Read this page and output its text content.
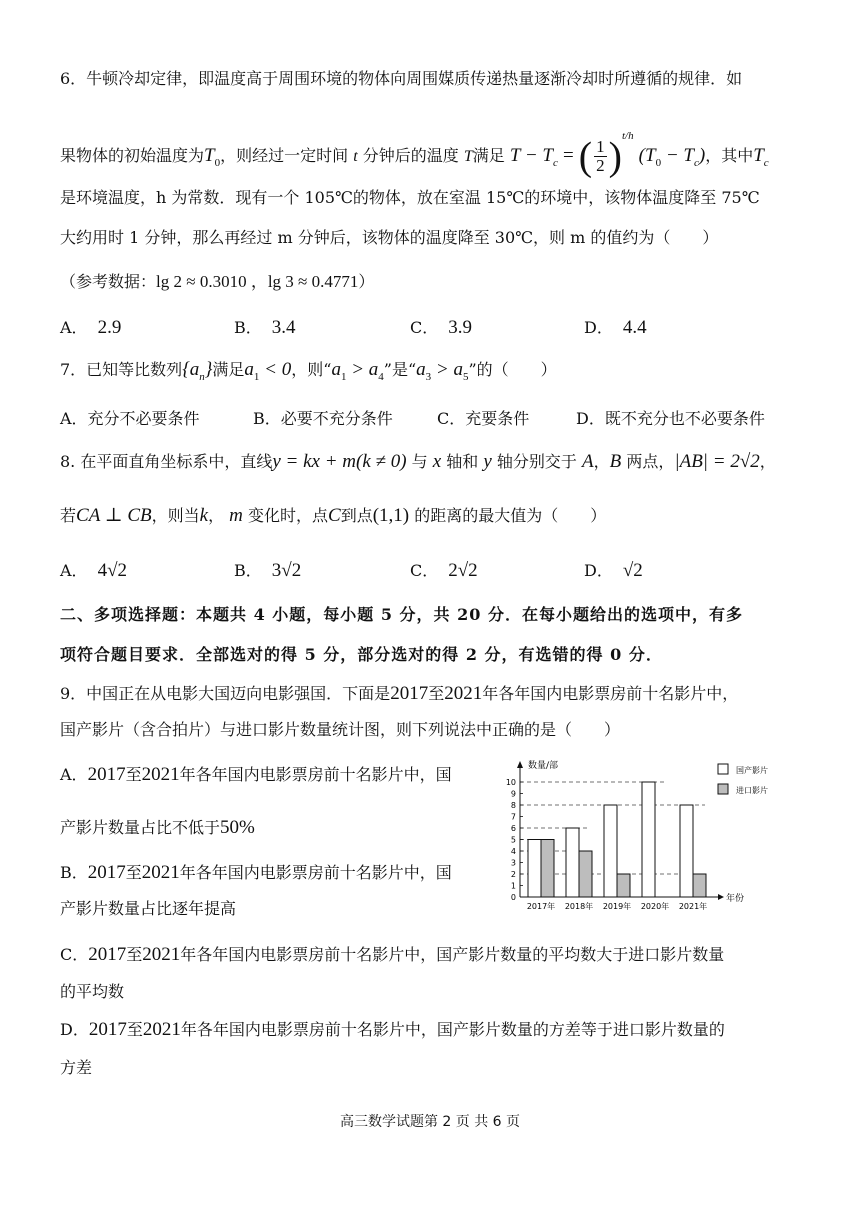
6．牛顿冷却定律，即温度高于周围环境的物体向周围媒质传递热量逐渐冷却时所遵循的规律．如
果物体的初始温度为$T_0$，则经过一定时间 t 分钟后的温度 T满足 $T - T_c$ = ( $\frac{1}{2} )^{t/h}$ $(T_0 - T_c)$，其中$T_c$
是环境温度，h 为常数．现有一个 105℃的物体，放在室温 15℃的环境中，该物体温度降至 75℃
大约用时 1 分钟，那么再经过 m 分钟后，该物体的温度降至 30℃，则 m 的值约为（　　）
（参考数据：lg 2 ≈ 0.3010 ，lg 3 ≈ 0.4771）
A． 2.9	B． 3.4	C． 3.9	D． 4.4
7．已知等比数列$\{a_n\}$满足$a_1 < 0$，则“$a_1 > a_4$”是“$a_3 > a_5$”的（　　）
A．充分不必要条件	B．必要不充分条件	C．充要条件	D．既不充分也不必要条件
8. 在平面直角坐标系中，直线y = kx + m(k ≠ 0) 与 x 轴和 y 轴分别交于 A，B 两点，|AB| = 2√2，
若CA ⊥ CB，则当k， m 变化时，点C到点(1,1) 的距离的最大值为（　　）
A． 4√2	B． 3√2	C． 2√2	D． √2
二、多项选择题：本题共 4 小题，每小题 5 分，共 20 分．在每小题给出的选项中，有多
项符合题目要求．全部选对的得 5 分，部分选对的得 2 分，有选错的得 0 分．
9．中国正在从电影大国迈向电影强国．下面是2017至2021年各年国内电影票房前十名影片中，
国产影片（含合拍片）与进口影片数量统计图，则下列说法中正确的是（　　）
A．2017至2021年各年国内电影票房前十名影片中，国
产影片数量占比不低于50%
B．2017至2021年各年国内电影票房前十名影片中，国
产影片数量占比逐年提高
C．2017至2021年各年国内电影票房前十名影片中，国产影片数量的平均数大于进口影片数量
的平均数
D．2017至2021年各年国内电影票房前十名影片中，国产影片数量的方差等于进口影片数量的
方差
0
1
2
3
4
5
6
7
8
9
10
数量/部
年份
2017年 2018年 2019年 2020年 2021年
国产影片
进口影片
高三数学试题第 2 页 共 6 页
